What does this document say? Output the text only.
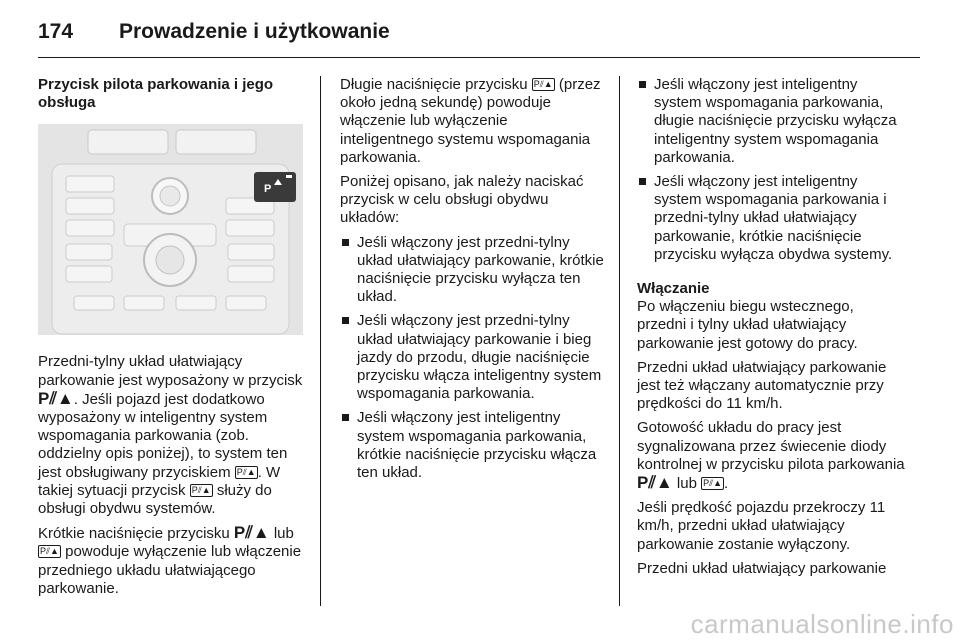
174 Prowadzenie i użytkowanie
Przycisk pilota parkowania i jego obsługa
P

Przedni-tylny układ ułatwiający parkowanie jest wyposażony w przycisk P⫽▲. Jeśli pojazd jest dodatkowo wyposażony w inteligentny system wspomagania parkowania (zob. oddzielny opis poniżej), to system ten jest obsługiwany przyciskiem P⫽▲ . W takiej sytuacji przycisk P⫽▲ służy do obsługi obydwu systemów.

Krótkie naciśnięcie przycisku P⫽▲ lub P⫽▲ powoduje wyłączenie lub włączenie przedniego układu ułatwiającego parkowanie.

Długie naciśnięcie przycisku P⫽▲ (przez około jedną sekundę) powoduje włączenie lub wyłączenie inteligentnego systemu wspomagania parkowania.

Poniżej opisano, jak należy naciskać przycisk w celu obsługi obydwu układów:

Jeśli włączony jest przedni-tylny układ ułatwiający parkowanie, krótkie naciśnięcie przycisku wyłącza ten układ.
Jeśli włączony jest przedni-tylny układ ułatwiający parkowanie i bieg jazdy do przodu, długie naciśnięcie przycisku włącza inteligentny system wspomagania parkowania.
Jeśli włączony jest inteligentny system wspomagania parkowania, krótkie naciśnięcie przycisku włącza ten układ.
Jeśli włączony jest inteligentny system wspomagania parkowania, długie naciśnięcie przycisku wyłącza inteligentny system wspomagania parkowania.
Jeśli włączony jest inteligentny system wspomagania parkowania i przedni-tylny układ ułatwiający parkowanie, krótkie naciśnięcie przycisku wyłącza obydwa systemy.
Włączanie

Po włączeniu biegu wstecznego, przedni i tylny układ ułatwiający parkowanie jest gotowy do pracy.

Przedni układ ułatwiający parkowanie jest też włączany automatycznie przy prędkości do 11 km/h.

Gotowość układu do pracy jest sygnalizowana przez świecenie diody kontrolnej w przycisku pilota parkowania P⫽▲ lub P⫽▲ .

Jeśli prędkość pojazdu przekroczy 11 km/h, przedni układ ułatwiający parkowanie zostanie wyłączony.

Przedni układ ułatwiający parkowanie

carmanualsonline.info
